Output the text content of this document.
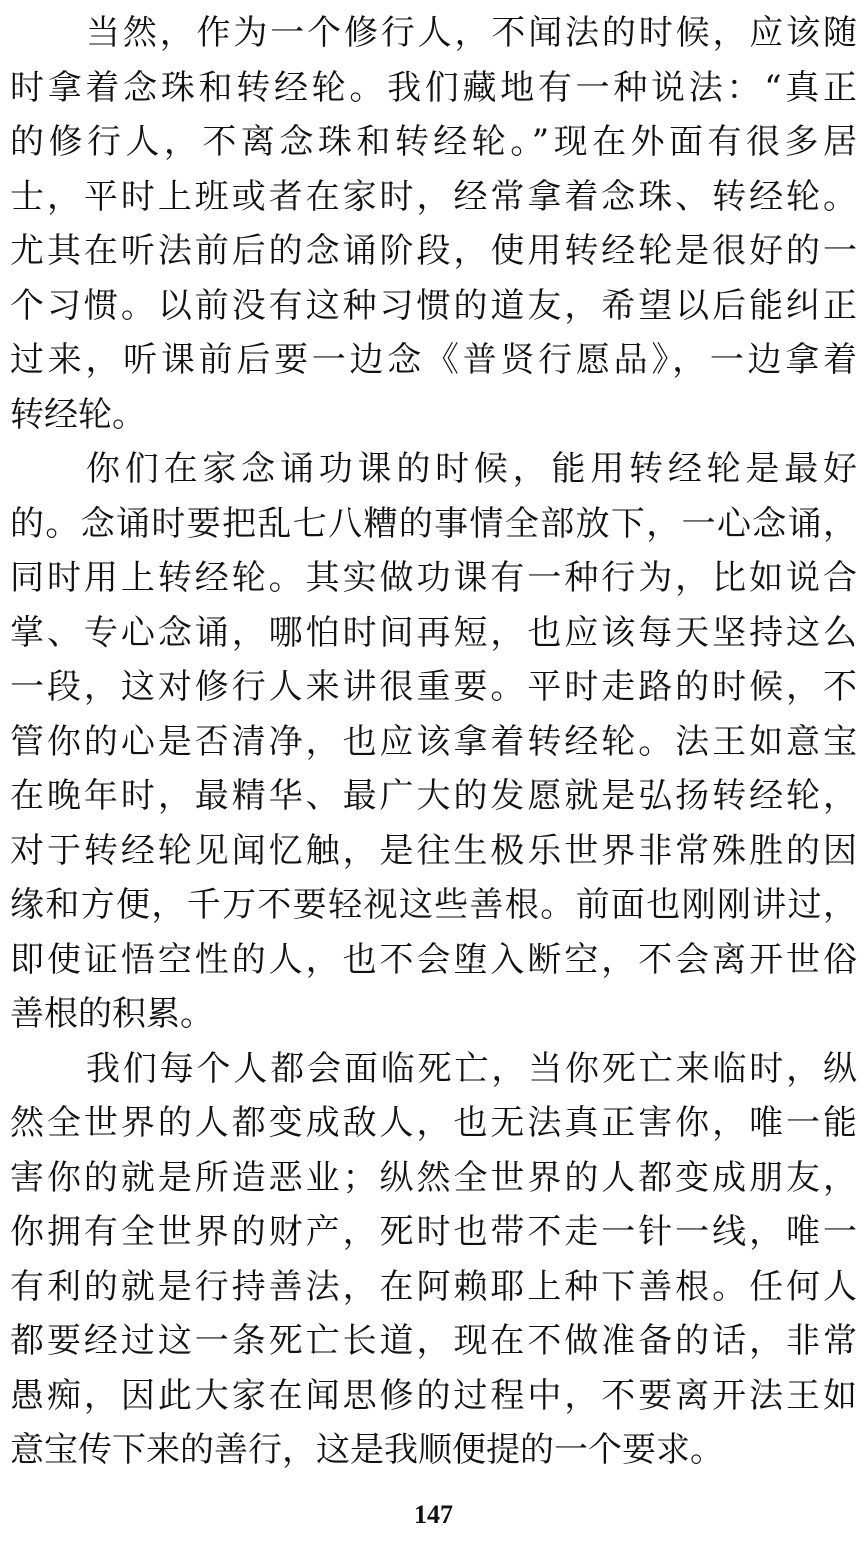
当然，作为一个修行人，不闻法的时候，应该随
时拿着念珠和转经轮。我们藏地有一种说法：“真正
的修行人，不离念珠和转经轮。”现在外面有很多居
士，平时上班或者在家时，经常拿着念珠、转经轮。
尤其在听法前后的念诵阶段，使用转经轮是很好的一
个习惯。以前没有这种习惯的道友，希望以后能纠正
过来，听课前后要一边念《普贤行愿品》，一边拿着
转经轮。
你们在家念诵功课的时候，能用转经轮是最好
的。念诵时要把乱七八糟的事情全部放下，一心念诵，
同时用上转经轮。其实做功课有一种行为，比如说合
掌、专心念诵，哪怕时间再短，也应该每天坚持这么
一段，这对修行人来讲很重要。平时走路的时候，不
管你的心是否清净，也应该拿着转经轮。法王如意宝
在晚年时，最精华、最广大的发愿就是弘扬转经轮，
对于转经轮见闻忆触，是往生极乐世界非常殊胜的因
缘和方便，千万不要轻视这些善根。前面也刚刚讲过，
即使证悟空性的人，也不会堕入断空，不会离开世俗
善根的积累。
我们每个人都会面临死亡，当你死亡来临时，纵
然全世界的人都变成敌人，也无法真正害你，唯一能
害你的就是所造恶业；纵然全世界的人都变成朋友，
你拥有全世界的财产，死时也带不走一针一线，唯一
有利的就是行持善法，在阿赖耶上种下善根。任何人
都要经过这一条死亡长道，现在不做准备的话，非常
愚痴，因此大家在闻思修的过程中，不要离开法王如
意宝传下来的善行，这是我顺便提的一个要求。
147
